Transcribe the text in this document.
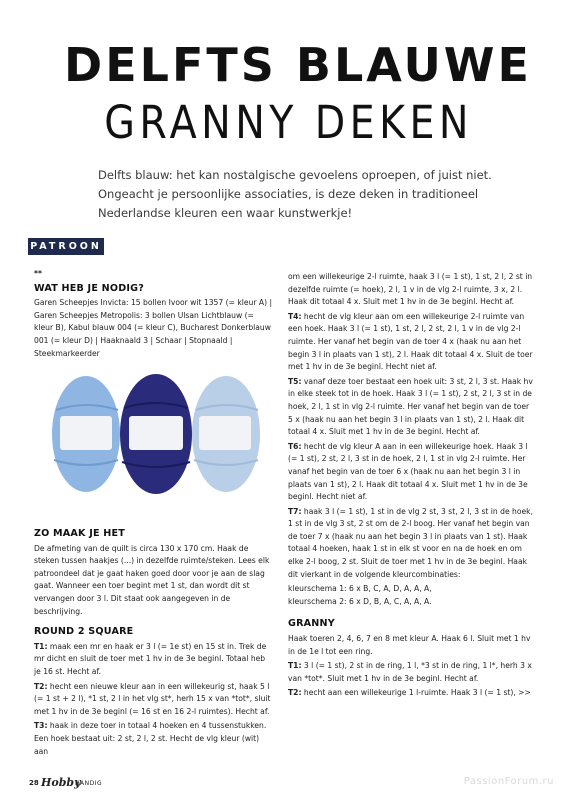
DELFTS BLAUWE
GRANNY DEKEN

Delfts blauw: het kan nostalgische gevoelens oproepen, of juist niet.

Ongeacht je persoonlijke associaties, is deze deken in traditioneel

Nederlandse kleuren een waar kunstwerkje!

PATROON

**

WAT HEB JE NODIG?

Garen Scheepjes Invicta: 15 bollen Ivoor wit 1357 (= kleur A) | Garen Scheepjes Metropolis: 3 bollen Ulsan Lichtblauw (= kleur B), Kabul blauw 004 (= kleur C), Bucharest Donkerblauw 001 (= kleur D) | Haaknaald 3 | Schaar | Stopnaald | Steekmarkeerder

ZO MAAK JE HET

De afmeting van de quilt is circa 130 x 170 cm. Haak de steken tussen haakjes (...) in dezelfde ruimte/steken. Lees elk patroondeel dat je gaat haken goed door voor je aan de slag gaat. Wanneer een toer begint met 1 st, dan wordt dit st vervangen door 3 l. Dit staat ook aangegeven in de beschrijving.

ROUND 2 SQUARE

T1: maak een mr en haak er 3 l (= 1e st) en 15 st in. Trek de mr dicht en sluit de toer met 1 hv in de 3e beginl. Totaal heb je 16 st. Hecht af.

T2: hecht een nieuwe kleur aan in een willekeurig st, haak 5 l (= 1 st + 2 l), *1 st, 2 l in het vlg st*, herh 15 x van *tot*, sluit met 1 hv in de 3e beginl (= 16 st en 16 2-l ruimtes). Hecht af.

T3: haak in deze toer in totaal 4 hoeken en 4 tussenstukken. Een hoek bestaat uit: 2 st, 2 l, 2 st. Hecht de vlg kleur (wit) aan

om een willekeurige 2-l ruimte, haak 3 l (= 1 st), 1 st, 2 l, 2 st in dezelfde ruimte (= hoek), 2 l, 1 v in de vlg 2-l ruimte, 3 x, 2 l. Haak dit totaal 4 x. Sluit met 1 hv in de 3e beginl. Hecht af.

T4: hecht de vlg kleur aan om een willekeurige 2-l ruimte van een hoek. Haak 3 l (= 1 st), 1 st, 2 l, 2 st, 2 l, 1 v in de vlg 2-l ruimte. Her vanaf het begin van de toer 4 x (haak nu aan het begin 3 l in plaats van 1 st), 2 l. Haak dit totaal 4 x. Sluit de toer met 1 hv in de 3e beginl. Hecht niet af.

T5: vanaf deze toer bestaat een hoek uit: 3 st, 2 l, 3 st. Haak hv in elke steek tot in de hoek. Haak 3 l (= 1 st), 2 st, 2 l, 3 st in de hoek, 2 l, 1 st in vlg 2-l ruimte. Her vanaf het begin van de toer 5 x (haak nu aan het begin 3 l in plaats van 1 st), 2 l. Haak dit totaal 4 x. Sluit met 1 hv in de 3e beginl. Hecht af.

T6: hecht de vlg kleur A aan in een willekeurige hoek. Haak 3 l (= 1 st), 2 st, 2 l, 3 st in de hoek, 2 l, 1 st in vlg 2-l ruimte. Her vanaf het begin van de toer 6 x (haak nu aan het begin 3 l in plaats van 1 st), 2 l. Haak dit totaal 4 x. Sluit met 1 hv in de 3e beginl. Hecht niet af.

T7: haak 3 l (= 1 st), 1 st in de vlg 2 st, 3 st, 2 l, 3 st in de hoek, 1 st in de vlg 3 st, 2 st om de 2-l boog. Her vanaf het begin van de toer 7 x (haak nu aan het begin 3 l in plaats van 1 st). Haak totaal 4 hoeken, haak 1 st in elk st voor en na de hoek en om elke 2-l boog, 2 st. Sluit de toer met 1 hv in de 3e beginl. Haak dit vierkant in de volgende kleurcombinaties:

kleurschema 1: 6 x B, C, A, D, A, A, A,

kleurschema 2: 6 x D, B, A, C, A, A, A.

GRANNY

Haak toeren 2, 4, 6, 7 en 8 met kleur A. Haak 6 l. Sluit met 1 hv in de 1e l tot een ring.

T1: 3 l (= 1 st), 2 st in de ring, 1 l, *3 st in de ring, 1 l*, herh 3 x van *tot*. Sluit met 1 hv in de 3e beginl. Hecht af.

T2: hecht aan een willekeurige 1 l-ruimte. Haak 3 l (= 1 st), >>

28 Hobby
HANDIG	PassionForum.ru
